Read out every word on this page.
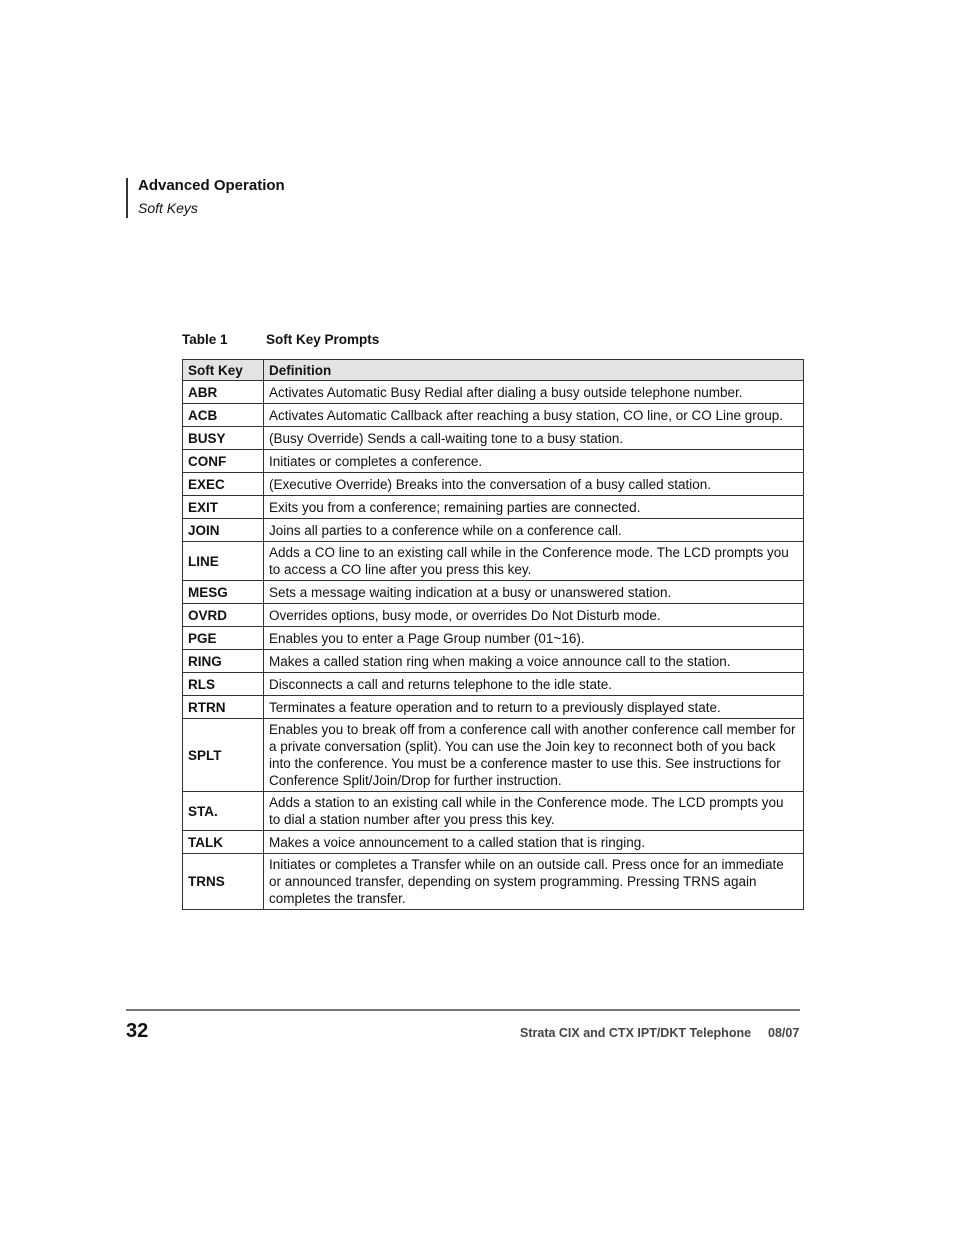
Advanced Operation
Soft Keys
Table 1	Soft Key Prompts
Soft Key	Definition
ABR	Activates Automatic Busy Redial after dialing a busy outside telephone number.
ACB	Activates Automatic Callback after reaching a busy station, CO line, or CO Line group.
BUSY	(Busy Override) Sends a call-waiting tone to a busy station.
CONF	Initiates or completes a conference.
EXEC	(Executive Override) Breaks into the conversation of a busy called station.
EXIT	Exits you from a conference; remaining parties are connected.
JOIN	Joins all parties to a conference while on a conference call.
LINE	Adds a CO line to an existing call while in the Conference mode. The LCD prompts you to access a CO line after you press this key.
MESG	Sets a message waiting indication at a busy or unanswered station.
OVRD	Overrides options, busy mode, or overrides Do Not Disturb mode.
PGE	Enables you to enter a Page Group number (01~16).
RING	Makes a called station ring when making a voice announce call to the station.
RLS	Disconnects a call and returns telephone to the idle state.
RTRN	Terminates a feature operation and to return to a previously displayed state.
SPLT	Enables you to break off from a conference call with another conference call member for a private conversation (split). You can use the Join key to reconnect both of you back into the conference. You must be a conference master to use this. See instructions for Conference Split/Join/Drop for further instruction.
STA.	Adds a station to an existing call while in the Conference mode. The LCD prompts you to dial a station number after you press this key.
TALK	Makes a voice announcement to a called station that is ringing.
TRNS	Initiates or completes a Transfer while on an outside call. Press once for an immediate or announced transfer, depending on system programming. Pressing TRNS again completes the transfer.
32	Strata CIX and CTX IPT/DKT Telephone 08/07
